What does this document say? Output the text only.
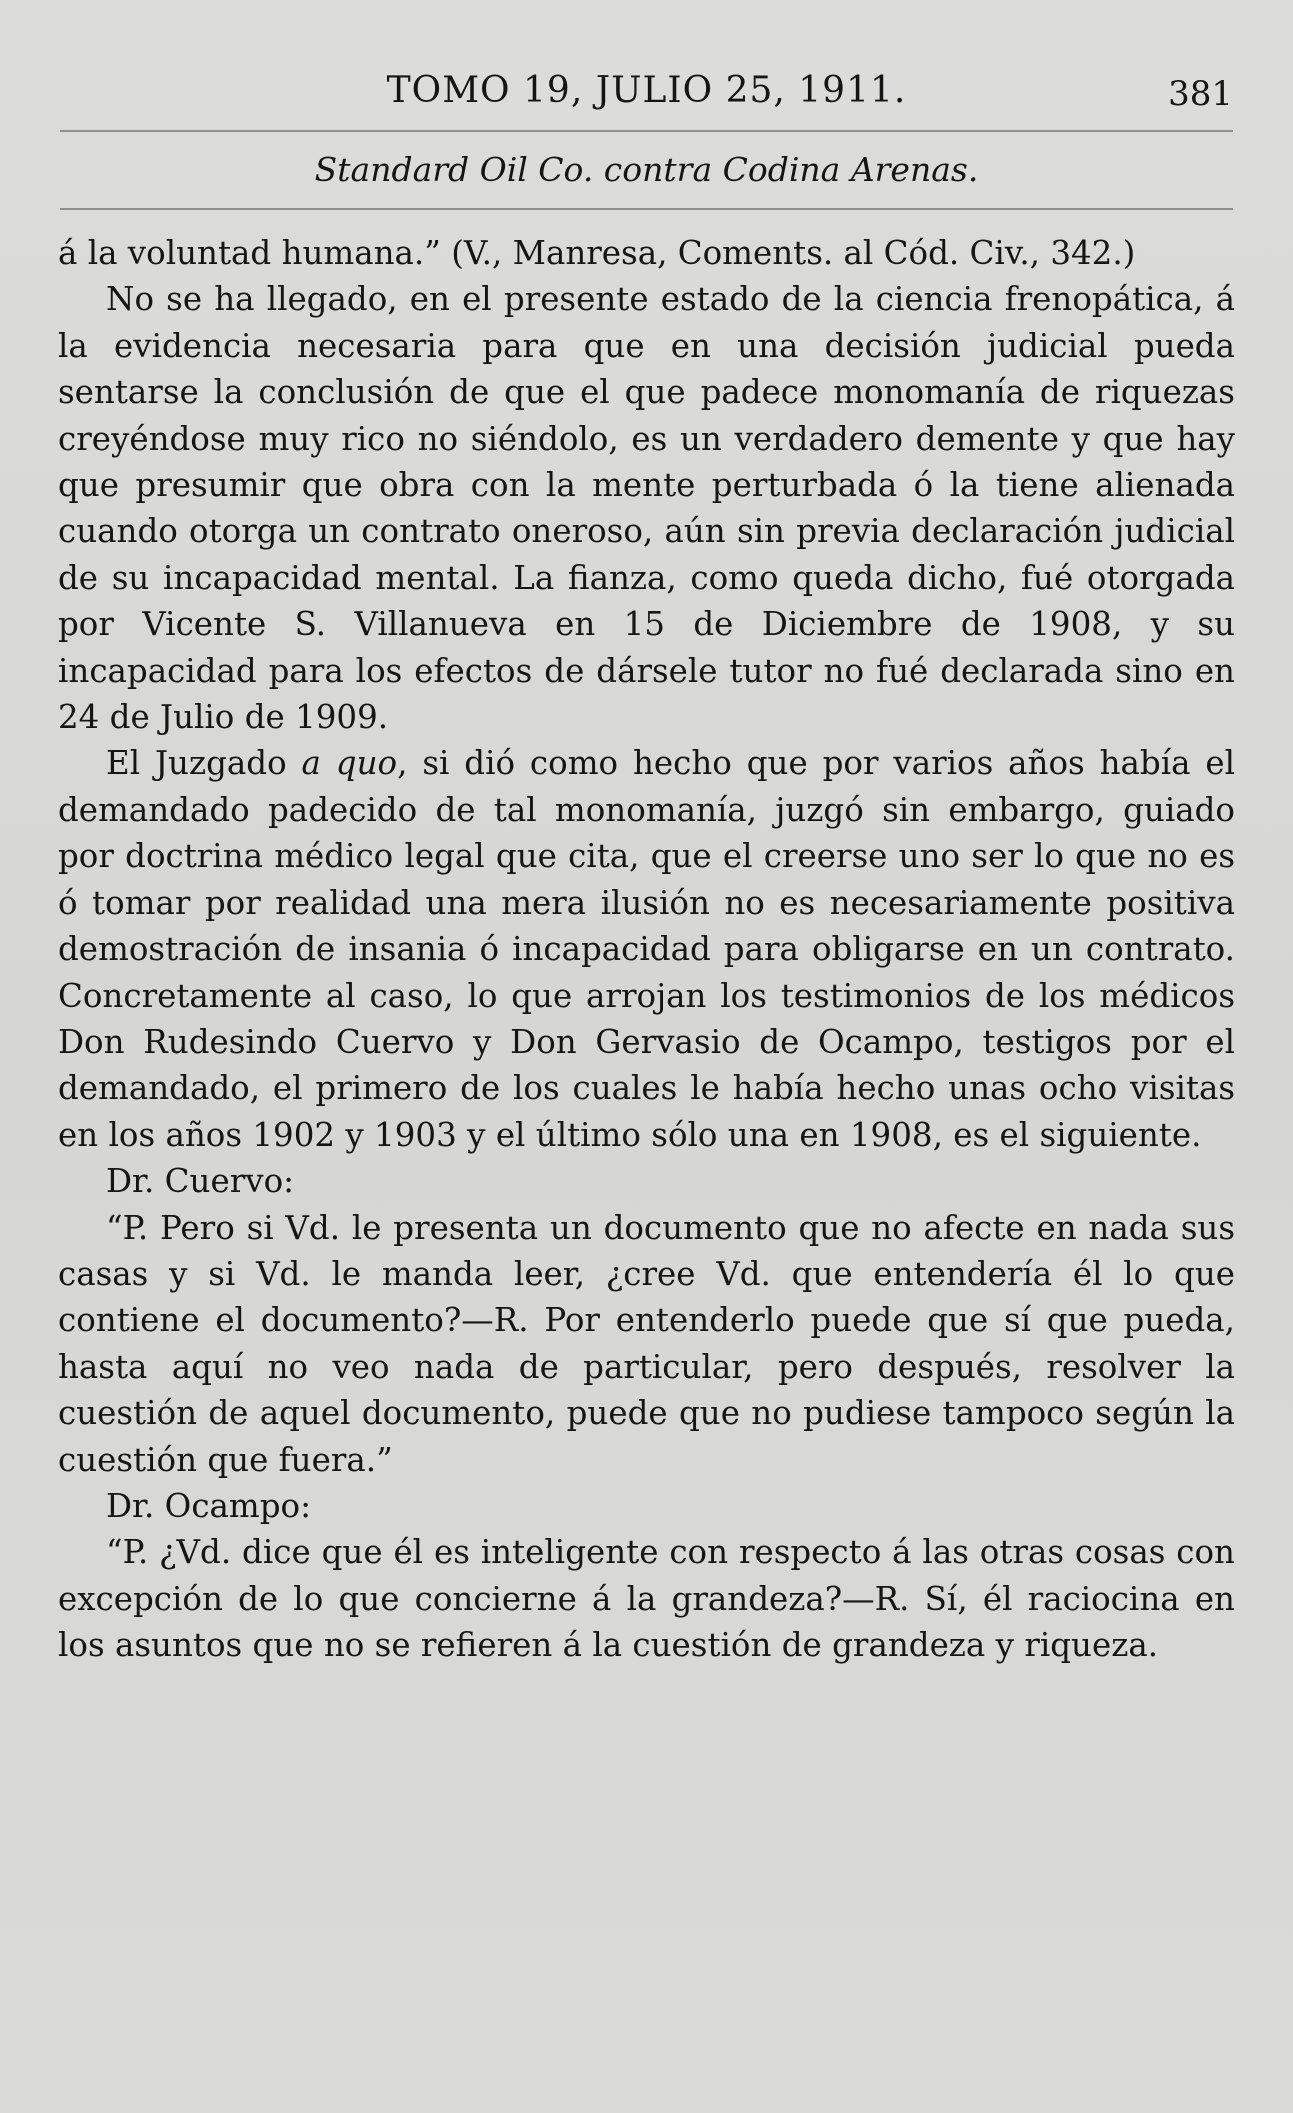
TOMO 19, JULIO 25, 1911.	381
Standard Oil Co. contra Codina Arenas.

á la voluntad humana.” (V., Manresa, Coments. al Cód. Civ., 342.)

No se ha llegado, en el presente estado de la ciencia frenopática, á la evidencia necesaria para que en una decisión judicial pueda sentarse la conclusión de que el que padece monomanía de riquezas creyéndose muy rico no siéndolo, es un verdadero demente y que hay que presumir que obra con la mente perturbada ó la tiene alienada cuando otorga un contrato oneroso, aún sin previa declaración judicial de su incapacidad mental. La fianza, como queda dicho, fué otorgada por Vicente S. Villanueva en 15 de Diciembre de 1908, y su incapacidad para los efectos de dársele tutor no fué declarada sino en 24 de Julio de 1909.

El Juzgado a quo, si dió como hecho que por varios años había el demandado padecido de tal monomanía, juzgó sin embargo, guiado por doctrina médico legal que cita, que el creerse uno ser lo que no es ó tomar por realidad una mera ilusión no es necesariamente positiva demostración de insania ó incapacidad para obligarse en un contrato. Concretamente al caso, lo que arrojan los testimonios de los médicos Don Rudesindo Cuervo y Don Gervasio de Ocampo, testigos por el demandado, el primero de los cuales le había hecho unas ocho visitas en los años 1902 y 1903 y el último sólo una en 1908, es el siguiente.

Dr. Cuervo:

“P. Pero si Vd. le presenta un documento que no afecte en nada sus casas y si Vd. le manda leer, ¿cree Vd. que entendería él lo que contiene el documento?—R. Por entenderlo puede que sí que pueda, hasta aquí no veo nada de particular, pero después, resolver la cuestión de aquel documento, puede que no pudiese tampoco según la cuestión que fuera.”

Dr. Ocampo:

“P. ¿Vd. dice que él es inteligente con respecto á las otras cosas con excepción de lo que concierne á la grandeza?—R. Sí, él raciocina en los asuntos que no se refieren á la cuestión de grandeza y riqueza.
